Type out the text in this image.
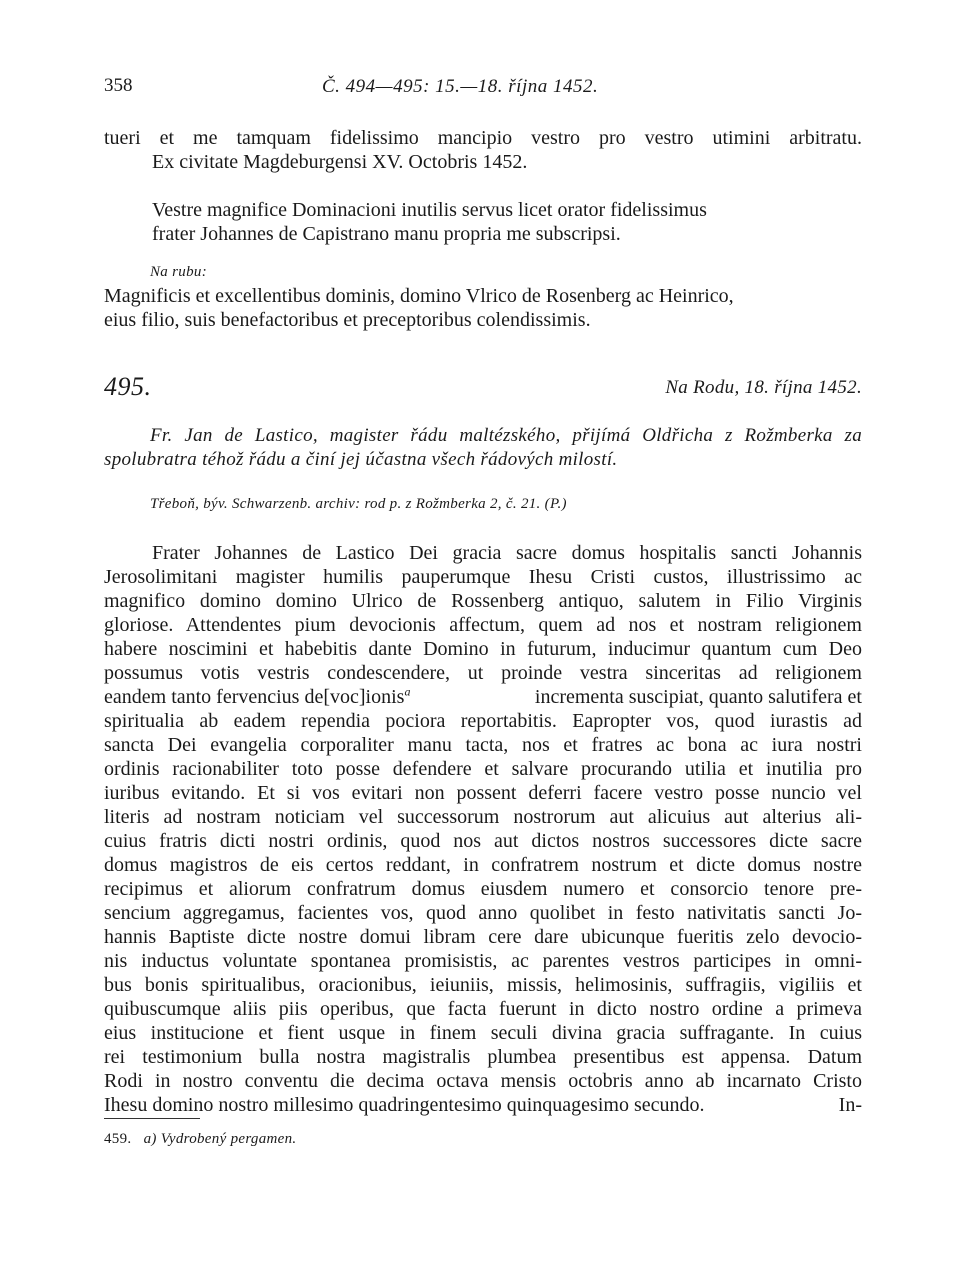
358	Č. 494—495: 15.—18. října 1452.
tueri et me tamquam fidelissimo mancipio vestro pro vestro utimini arbitratu.
Ex civitate Magdeburgensi XV. Octobris 1452.
Vestre magnifice Dominacioni inutilis servus licet orator fidelissimus
frater Johannes de Capistrano manu propria me subscripsi.
Na rubu:
Magnificis et excellentibus dominis, domino Vlrico de Rosenberg ac Heinrico,
eius filio, suis benefactoribus et preceptoribus colendissimis.
495.	Na Rodu, 18. října 1452.
Fr. Jan de Lastico, magister řádu maltézského, přijímá Oldřicha z Rožmberka za
spolubratra téhož řádu a činí jej účastna všech řádových milostí.
Třeboň, býv. Schwarzenb. archiv: rod p. z Rožmberka 2, č. 21. (P.)
Frater Johannes de Lastico Dei gracia sacre domus hospitalis sancti Johannis
Jerosolimitani magister humilis pauperumque Ihesu Cristi custos, illustrissimo ac
magnifico domino domino Ulrico de Rossenberg antiquo, salutem in Filio Virginis
gloriose. Attendentes pium devocionis affectum, quem ad nos et nostram religionem
habere noscimini et habebitis dante Domino in futurum, inducimur quantum cum Deo
possumus votis vestris condescendere, ut proinde vestra sinceritas ad religionem
eandem tanto fervencius de[voc]ionis$^a$	incrementa suscipiat, quanto salutifera et
spiritualia ab eadem rependia pociora reportabitis. Eapropter vos, quod iurastis ad
sancta Dei evangelia corporaliter manu tacta, nos et fratres ac bona ac iura nostri
ordinis racionabiliter toto posse defendere et salvare procurando utilia et inutilia pro
iuribus evitando. Et si vos evitari non possent deferri facere vestro posse nuncio vel
literis ad nostram noticiam vel successorum nostrorum aut alicuius aut alterius ali-
cuius fratris dicti nostri ordinis, quod nos aut dictos nostros successores dicte sacre
domus magistros de eis certos reddant, in confratrem nostrum et dicte domus nostre
recipimus et aliorum confratrum domus eiusdem numero et consorcio tenore pre-
sencium aggregamus, facientes vos, quod anno quolibet in festo nativitatis sancti Jo-
hannis Baptiste dicte nostre domui libram cere dare ubicunque fueritis zelo devocio-
nis inductus voluntate spontanea promisistis, ac parentes vestros participes in omni-
bus bonis spiritualibus, oracionibus, ieiuniis, missis, helimosinis, suffragiis, vigiliis et
quibuscumque aliis piis operibus, que facta fuerunt in dicto nostro ordine a primeva
eius institucione et fient usque in finem seculi divina gracia suffragante. In cuius
rei testimonium bulla nostra magistralis plumbea presentibus est appensa. Datum
Rodi in nostro conventu die decima octava mensis octobris anno ab incarnato Cristo
Ihesu domino nostro millesimo quadringentesimo quinquagesimo secundo.	In-
459. a) Vydrobený pergamen.
